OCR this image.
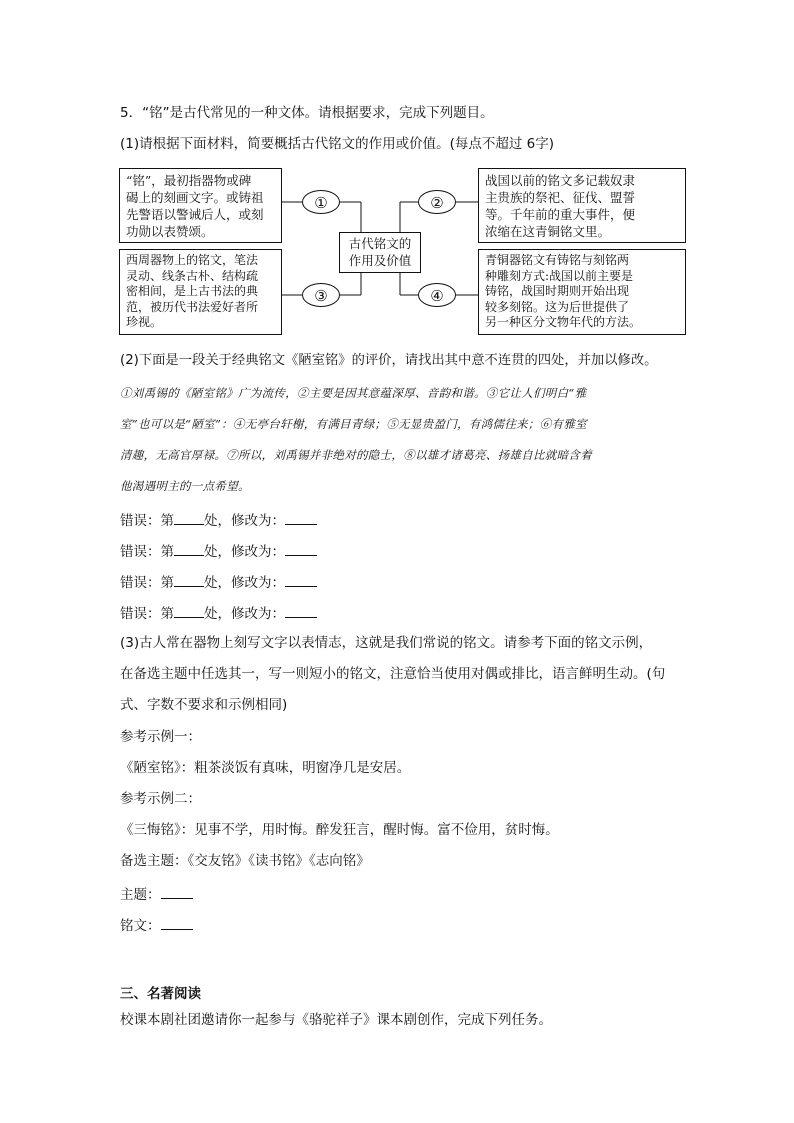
5．“铭”是古代常见的一种文体。请根据要求，完成下列题目。
(1)请根据下面材料，简要概括古代铭文的作用或价值。(每点不超过 6字)
“铭”，最初指器物或碑
碣上的刻画文字。或铸祖
先警语以警诫后人，或刻
功勋以表赞颂。
西周器物上的铭文，笔法
灵动、线条古朴、结构疏
密相间，是上古书法的典
范，被历代书法爱好者所
珍视。
古代铭文的
作用及价值
战国以前的铭文多记载奴隶
主贵族的祭祀、征伐、盟誓
等。千年前的重大事件，便
浓缩在这青铜铭文里。
青铜器铭文有铸铭与刻铭两
种雕刻方式:战国以前主要是
铸铭，战国时期则开始出现
较多刻铭。这为后世提供了
另一种区分文物年代的方法。
①	②
③	④
(2)下面是一段关于经典铭文《陋室铭》的评价，请找出其中意不连贯的四处，并加以修改。
①刘禹锡的《陋室铭》广为流传，②主要是因其意蕴深厚、音韵和谐。③它让人们明白“雅
室”也可以是“陋室”：④无亭台轩榭，有满目青绿；⑤无显贵盈门，有鸿儒往来；⑥有雅室
清趣，无高官厚禄。⑦所以，刘禹锡并非绝对的隐士，⑧以雄才诸葛亮、扬雄自比就暗含着
他渴遇明主的一点希望。
错误：第 处，修改为：
错误：第 处，修改为：
错误：第 处，修改为：
错误：第 处，修改为：
(3)古人常在器物上刻写文字以表情志，这就是我们常说的铭文。请参考下面的铭文示例，
在备选主题中任选其一，写一则短小的铭文，注意恰当使用对偶或排比，语言鲜明生动。(句
式、字数不要求和示例相同)
参考示例一：
《陋室铭》：粗茶淡饭有真味，明窗净几是安居。
参考示例二：
《三悔铭》：见事不学，用时悔。醉发狂言，醒时悔。富不俭用，贫时悔。
备选主题：《交友铭》《读书铭》《志向铭》
主题：
铭文：
三、名著阅读
校课本剧社团邀请你一起参与《骆驼祥子》课本剧创作，完成下列任务。
